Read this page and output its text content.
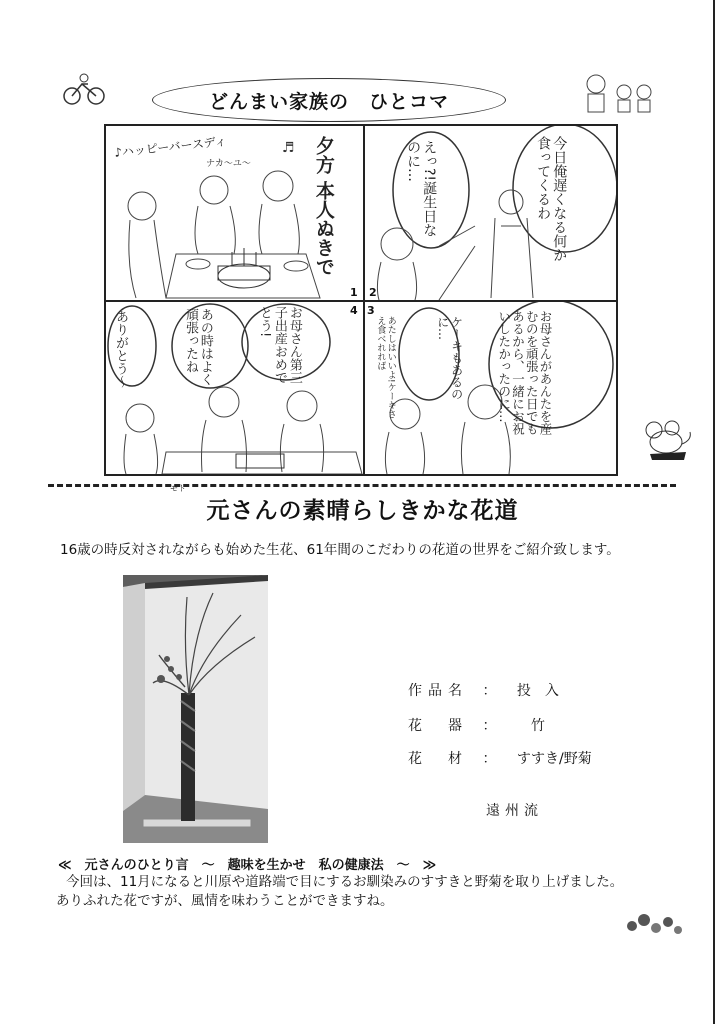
どんまい家族の　ひとコマ
♪ハッピーバースディ
ナカ〜ユ〜
♬ 夕方 本人ぬきで
1
今日俺遅くなる何か食ってくるわ
えっ?!誕生日なのに…
2
ありがとう〜	あの時はよく頑張ったね	お母さん第三子出産おめでとう!	4	お母さんがあんたを産むのを頑張った日でもあるから、一緒にお祝いしたかったのに…
ケーキもあるのに…
あたしはいいよ!ケーキさえ食べれれば
3
モト
元さんの素晴らしきかな花道
16歳の時反対されながらも始めた生花、61年間のこだわりの花道の世界をご紹介致します。
作品名 ： 投　入
花　器 ： 竹
花　材 ： すすき/野菊
遠州流
≪　元さんのひとり言　〜　趣味を生かせ　私の健康法　〜　≫
今回は、11月になると川原や道路端で目にするお馴染みのすすきと野菊を取り上げました。
ありふれた花ですが、風情を味わうことができますね。
